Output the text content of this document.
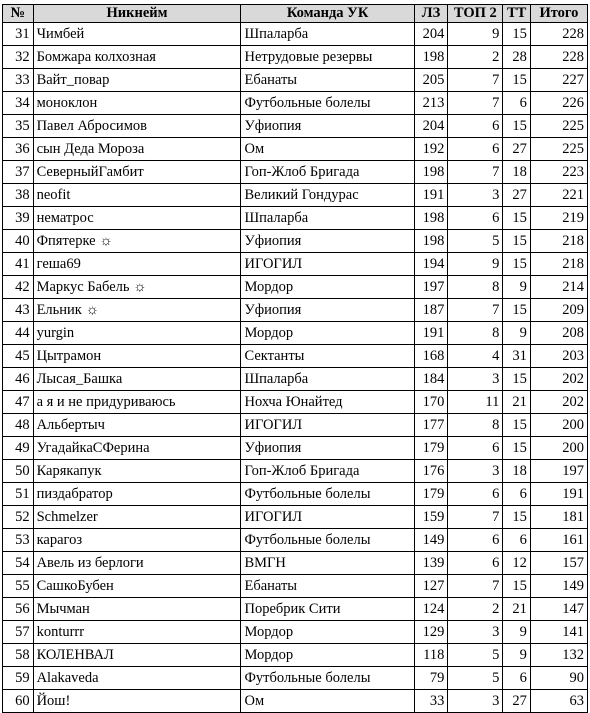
№	Никнейм	Команда УК	ЛЗ	ТОП 2	ТТ	Итого
31	Чимбей	Шпаларба	204	9	15	228
32	Бомжара колхозная	Нетрудовые резервы	198	2	28	228
33	Вайт_повар	Ебанаты	205	7	15	227
34	моноклон	Футбольные болелы	213	7	6	226
35	Павел Абросимов	Уфиопия	204	6	15	225
36	сын Деда Мороза	Ом	192	6	27	225
37	СеверныйГамбит	Гоп-Жлоб Бригада	198	7	18	223
38	neofit	Великий Гондурас	191	3	27	221
39	нематрос	Шпаларба	198	6	15	219
40	Фпятерке ☼	Уфиопия	198	5	15	218
41	геша69	ИГОГИЛ	194	9	15	218
42	Маркус Бабель ☼	Мордор	197	8	9	214
43	Ельник ☼	Уфиопия	187	7	15	209
44	yurgin	Мордор	191	8	9	208
45	Цытрамон	Сектанты	168	4	31	203
46	Лысая_Башка	Шпаларба	184	3	15	202
47	а я и не придуриваюсь	Нохча Юнайтед	170	11	21	202
48	Альбертыч	ИГОГИЛ	177	8	15	200
49	УгадайкаСФерина	Уфиопия	179	6	15	200
50	Карякапук	Гоп-Жлоб Бригада	176	3	18	197
51	пиздабратор	Футбольные болелы	179	6	6	191
52	Schmelzer	ИГОГИЛ	159	7	15	181
53	карагоз	Футбольные болелы	149	6	6	161
54	Авель из берлоги	ВМГН	139	6	12	157
55	СашкоБубен	Ебанаты	127	7	15	149
56	Мычман	Поребрик Сити	124	2	21	147
57	konturrr	Мордор	129	3	9	141
58	КОЛЕНВАЛ	Мордор	118	5	9	132
59	Alakaveda	Футбольные болелы	79	5	6	90
60	Йош!	Ом	33	3	27	63
